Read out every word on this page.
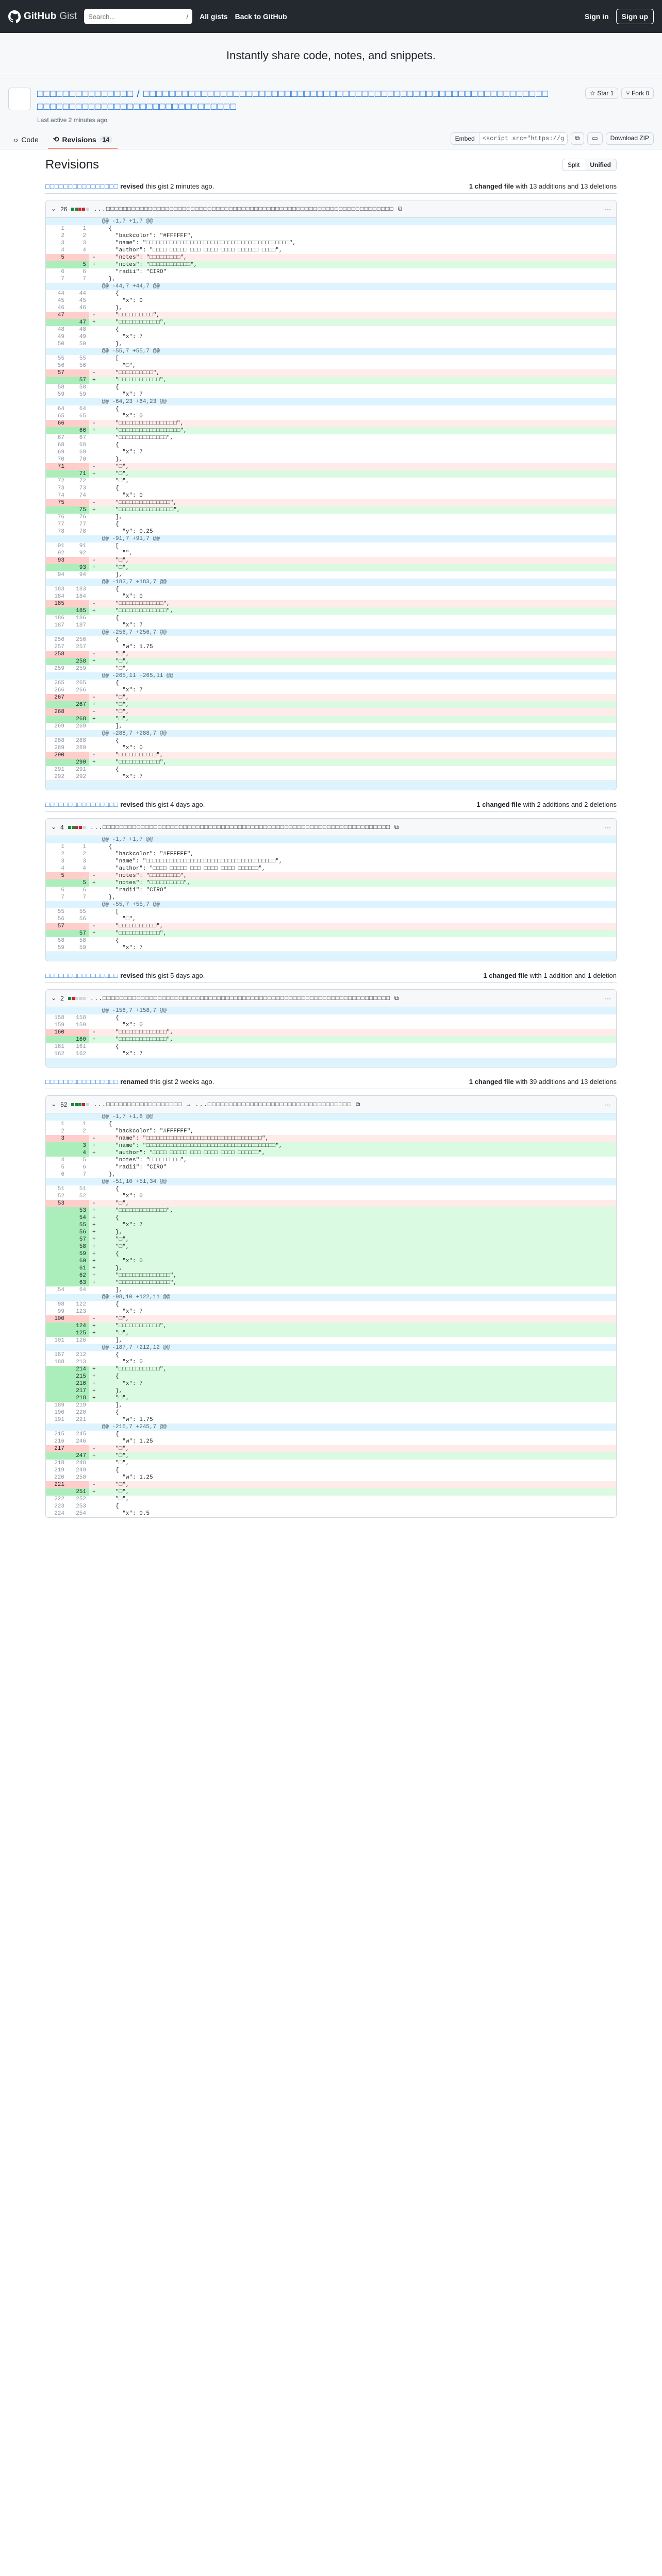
GitHub Gist
Search...	/ All gists Back to GitHub	Sign in	Sign up
Instantly share code, notes, and snippets.
□□□□□□□□□□□□□□□ / □□□□□□□□□□□□□□□□□□□□□□□□□□□□□□□□□□□□□□□□□□□□□□□□□□□□□□□□□□□□□□□□□□□□□□□□□□□□□□□□□□□□□□□□□□□□□□
Last active 2 minutes ago
☆ Star 1	⑂ Fork 0
‹› Code ⟲ Revisions	14	Embed
<script src="https://gis	⧉	▭	Download ZIP
Revisions	Split	Unified
□□□□□□□□□□□□□□□□ revised this gist 2 minutes ago.	1 changed file with 13 additions and 13 deletions
⌄ 26	...□□□□□□□□□□□□□□□□□□□□□□□□□□□□□□□□□□□□□□□□□□□□□□□□□□□□□□□□□□□□□□□□□□□□ ⧉	···
			@@ -1,7 +1,7 @@
1	1		{
2	2		"backcolor": "#FFFFFF",
3	3		"name": "□□□□□□□□□□□□□□□□□□□□□□□□□□□□□□□□□□□□□□□□□□",
4	4		"author": "□□□□ □□□□□ □□□ □□□□ □□□□ □□□□□□ □□□□",
5		-	"notes": "□□□□□□□□□",
	5	+	"notes": "□□□□□□□□□□□□",
6	6		"radii": "CIRO"
7	7		},
			@@ -44,7 +44,7 @@
44	44		{
45	45		"x": 0
46	46		},
47		-	"□□□□□□□□□□",
	47	+	"□□□□□□□□□□□□",
48	48		{
49	49		"x": 7
50	50		},
			@@ -55,7 +55,7 @@
55	55		[
56	56		"□",
57		-	"□□□□□□□□□□",
	57	+	"□□□□□□□□□□□□",
58	58		{
59	59		"x": 7
			@@ -64,23 +64,23 @@
64	64		{
65	65		"x": 0
66		-	"□□□□□□□□□□□□□□□□□",
	66	+	"□□□□□□□□□□□□□□□□□□",
67	67		"□□□□□□□□□□□□□□",
68	68		{
69	69		"x": 7
70	70		},
71		-	"□",
	71	+	"□",
72	72		"□",
73	73		{
74	74		"x": 0
75		-	"□□□□□□□□□□□□□□□",
	75	+	"□□□□□□□□□□□□□□□□",
76	76		],
77	77		{
78	78		"y": 0.25
			@@ -91,7 +91,7 @@
91	91		[
92	92		"",
93		-	"□",
	93	+	"□",
94	94		],
			@@ -183,7 +183,7 @@
183	183		{
184	184		"x": 0
185		-	"□□□□□□□□□□□□□",
	185	+	"□□□□□□□□□□□□□□",
186	186		{
187	187		"x": 7
			@@ -256,7 +256,7 @@
256	256		{
257	257		"w": 1.75
258		-	"□",
	258	+	"□",
259	259		"□",
			@@ -265,11 +265,11 @@
265	265		{
266	266		"x": 7
267		-	"□",
	267	+	"□",
268		-	"□",
	268	+	"□",
269	269		],
			@@ -288,7 +288,7 @@
288	288		{
289	289		"x": 0
290		-	"□□□□□□□□□□□",
	290	+	"□□□□□□□□□□□□",
291	291		{
292	292		"x": 7
□□□□□□□□□□□□□□□□ revised this gist 4 days ago.	1 changed file with 2 additions and 2 deletions
⌄ 4	...□□□□□□□□□□□□□□□□□□□□□□□□□□□□□□□□□□□□□□□□□□□□□□□□□□□□□□□□□□□□□□□□□□□□ ⧉	···
			@@ -1,7 +1,7 @@
1	1		{
2	2		"backcolor": "#FFFFFF",
3	3		"name": "□□□□□□□□□□□□□□□□□□□□□□□□□□□□□□□□□□□□□□",
4	4		"author": "□□□□ □□□□□ □□□ □□□□ □□□□ □□□□□□",
5		-	"notes": "□□□□□□□□□",
	5	+	"notes": "□□□□□□□□□□",
6	6		"radii": "CIRO"
7	7		},
			@@ -55,7 +55,7 @@
55	55		[
56	56		"□",
57		-	"□□□□□□□□□□□",
	57	+	"□□□□□□□□□□□□",
58	58		{
59	59		"x": 7
□□□□□□□□□□□□□□□□ revised this gist 5 days ago.	1 changed file with 1 addition and 1 deletion
⌄ 2	...□□□□□□□□□□□□□□□□□□□□□□□□□□□□□□□□□□□□□□□□□□□□□□□□□□□□□□□□□□□□□□□□□□□□ ⧉	···
			@@ -158,7 +158,7 @@
158	158		{
159	159		"x": 0
160		-	"□□□□□□□□□□□□□□",
	160	+	"□□□□□□□□□□□□□□",
161	161		{
162	162		"x": 7
□□□□□□□□□□□□□□□□ renamed this gist 2 weeks ago.	1 changed file with 39 additions and 13 deletions
⌄ 52	...□□□□□□□□□□□□□□□□□□ → ...□□□□□□□□□□□□□□□□□□□□□□□□□□□□□□□□□□ ⧉	···
			@@ -1,7 +1,8 @@
1	1		{
2	2		"backcolor": "#FFFFFF",
3		-	"name": "□□□□□□□□□□□□□□□□□□□□□□□□□□□□□□□□□□",
	3	+	"name": "□□□□□□□□□□□□□□□□□□□□□□□□□□□□□□□□□□□□□□",
	4	+	"author": "□□□□ □□□□□ □□□ □□□□ □□□□ □□□□□□",
4	5		"notes": "□□□□□□□□□",
5	6		"radii": "CIRO"
6	7		},
			@@ -51,10 +51,34 @@
51	51		{
52	52		"x": 0
53		-	"□",
	53	+	"□□□□□□□□□□□□□□",
	54	+	{
	55	+	"x": 7
	56	+	},
	57	+	"□",
	58	+	"□",
	59	+	{
	60	+	"x": 0
	61	+	},
	62	+	"□□□□□□□□□□□□□□□",
	63	+	"□□□□□□□□□□□□□□□",
54	64		],
			@@ -98,10 +122,11 @@
98	122		{
99	123		"x": 7
100		-	"□",
	124	+	"□□□□□□□□□□□□",
	125	+	"□",
101	126		],
			@@ -187,7 +212,12 @@
187	212		{
188	213		"x": 0
	214	+	"□□□□□□□□□□□□",
	215	+	{
	216	+	"x": 7
	217	+	},
	218	+	"□",
189	219		],
190	220		{
191	221		"w": 1.75
			@@ -215,7 +245,7 @@
215	245		{
216	246		"w": 1.25
217		-	"□",
	247	+	"□",
218	248		"□",
219	249		{
220	250		"w": 1.25
221		-	"□",
	251	+	"□",
222	252		"□",
223	253		{
224	254		"x": 0.5
